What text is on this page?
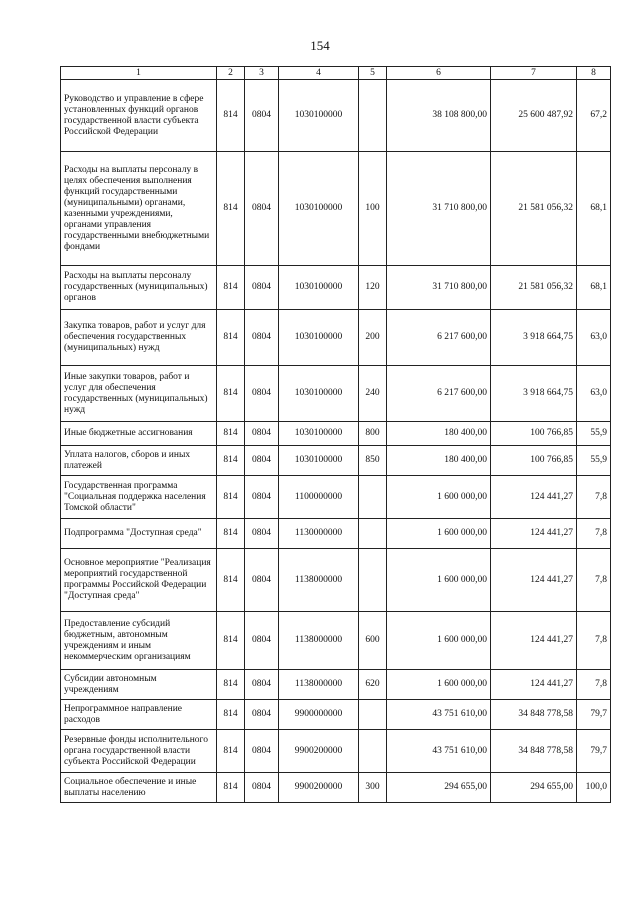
154
1	2	3	4	5	6	7	8
Руководство и управление в сфере установленных функций органов государственной власти субъекта Российской Федерации	814	0804	1030100000		38 108 800,00	25 600 487,92	67,2
Расходы на выплаты персоналу в целях обеспечения выполнения функций государственными (муниципальными) органами, казенными учреждениями, органами управления государственными внебюджетными фондами	814	0804	1030100000	100	31 710 800,00	21 581 056,32	68,1
Расходы на выплаты персоналу государственных (муниципальных) органов	814	0804	1030100000	120	31 710 800,00	21 581 056,32	68,1
Закупка товаров, работ и услуг для обеспечения государственных (муниципальных) нужд	814	0804	1030100000	200	6 217 600,00	3 918 664,75	63,0
Иные закупки товаров, работ и услуг для обеспечения государственных (муниципальных) нужд	814	0804	1030100000	240	6 217 600,00	3 918 664,75	63,0
Иные бюджетные ассигнования	814	0804	1030100000	800	180 400,00	100 766,85	55,9
Уплата налогов, сборов и иных платежей	814	0804	1030100000	850	180 400,00	100 766,85	55,9
Государственная программа "Социальная поддержка населения Томской области"	814	0804	1100000000		1 600 000,00	124 441,27	7,8
Подпрограмма "Доступная среда"	814	0804	1130000000		1 600 000,00	124 441,27	7,8
Основное мероприятие "Реализация мероприятий государственной программы Российской Федерации "Доступная среда"	814	0804	1138000000		1 600 000,00	124 441,27	7,8
Предоставление субсидий бюджетным, автономным учреждениям и иным некоммерческим организациям	814	0804	1138000000	600	1 600 000,00	124 441,27	7,8
Субсидии автономным учреждениям	814	0804	1138000000	620	1 600 000,00	124 441,27	7,8
Непрограммное направление расходов	814	0804	9900000000		43 751 610,00	34 848 778,58	79,7
Резервные фонды исполнительного органа государственной власти субъекта Российской Федерации	814	0804	9900200000		43 751 610,00	34 848 778,58	79,7
Социальное обеспечение и иные выплаты населению	814	0804	9900200000	300	294 655,00	294 655,00	100,0
